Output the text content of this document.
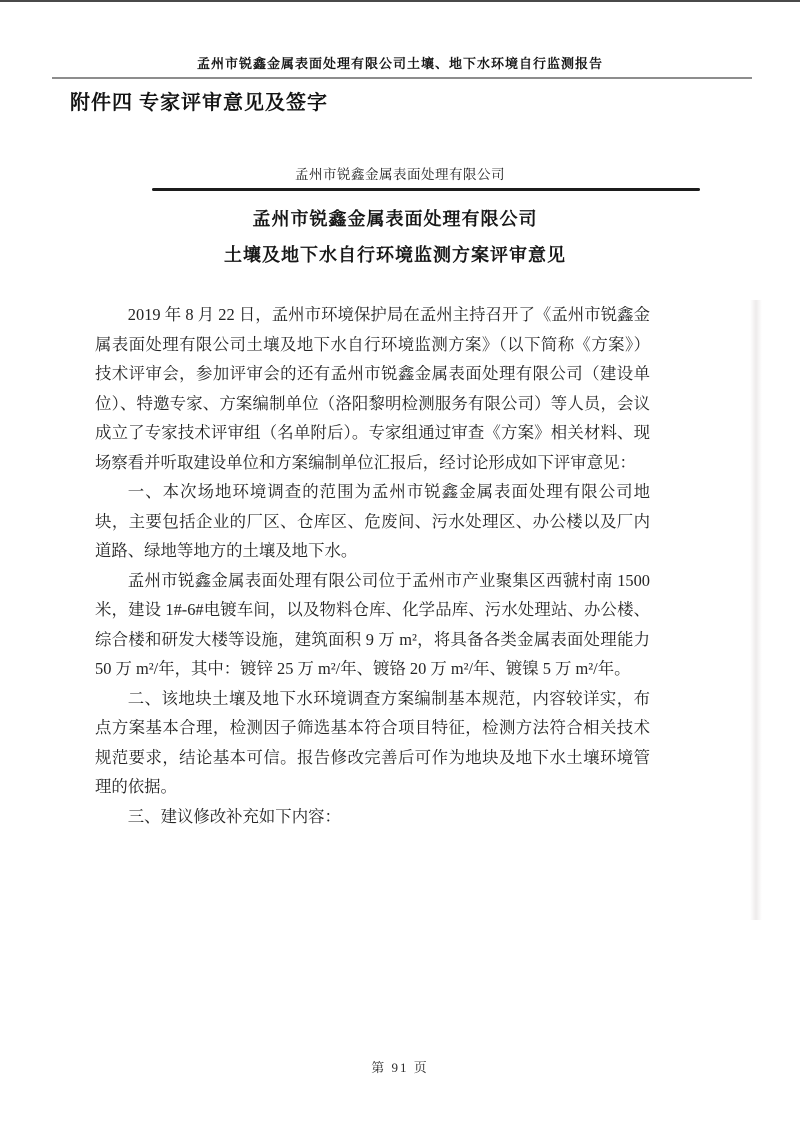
孟州市锐鑫金属表面处理有限公司土壤、地下水环境自行监测报告
附件四 专家评审意见及签字
孟州市锐鑫金属表面处理有限公司
孟州市锐鑫金属表面处理有限公司
土壤及地下水自行环境监测方案评审意见

2019 年 8 月 22 日，孟州市环境保护局在孟州主持召开了《孟州市锐鑫金属表面处理有限公司土壤及地下水自行环境监测方案》（以下简称《方案》）技术评审会，参加评审会的还有孟州市锐鑫金属表面处理有限公司（建设单位）、特邀专家、方案编制单位（洛阳黎明检测服务有限公司）等人员，会议成立了专家技术评审组（名单附后）。专家组通过审查《方案》相关材料、现场察看并听取建设单位和方案编制单位汇报后，经讨论形成如下评审意见：

一、本次场地环境调查的范围为孟州市锐鑫金属表面处理有限公司地块，主要包括企业的厂区、仓库区、危废间、污水处理区、办公楼以及厂内道路、绿地等地方的土壤及地下水。

孟州市锐鑫金属表面处理有限公司位于孟州市产业聚集区西虢村南 1500 米，建设 1#-6#电镀车间，以及物料仓库、化学品库、污水处理站、办公楼、综合楼和研发大楼等设施，建筑面积 9 万 m²，将具备各类金属表面处理能力 50 万 m²/年，其中：镀锌 25 万 m²/年、镀铬 20 万 m²/年、镀镍 5 万 m²/年。

二、该地块土壤及地下水环境调查方案编制基本规范，内容较详实，布点方案基本合理，检测因子筛选基本符合项目特征，检测方法符合相关技术规范要求，结论基本可信。报告修改完善后可作为地块及地下水土壤环境管理的依据。

三、建议修改补充如下内容：

第 91 页
